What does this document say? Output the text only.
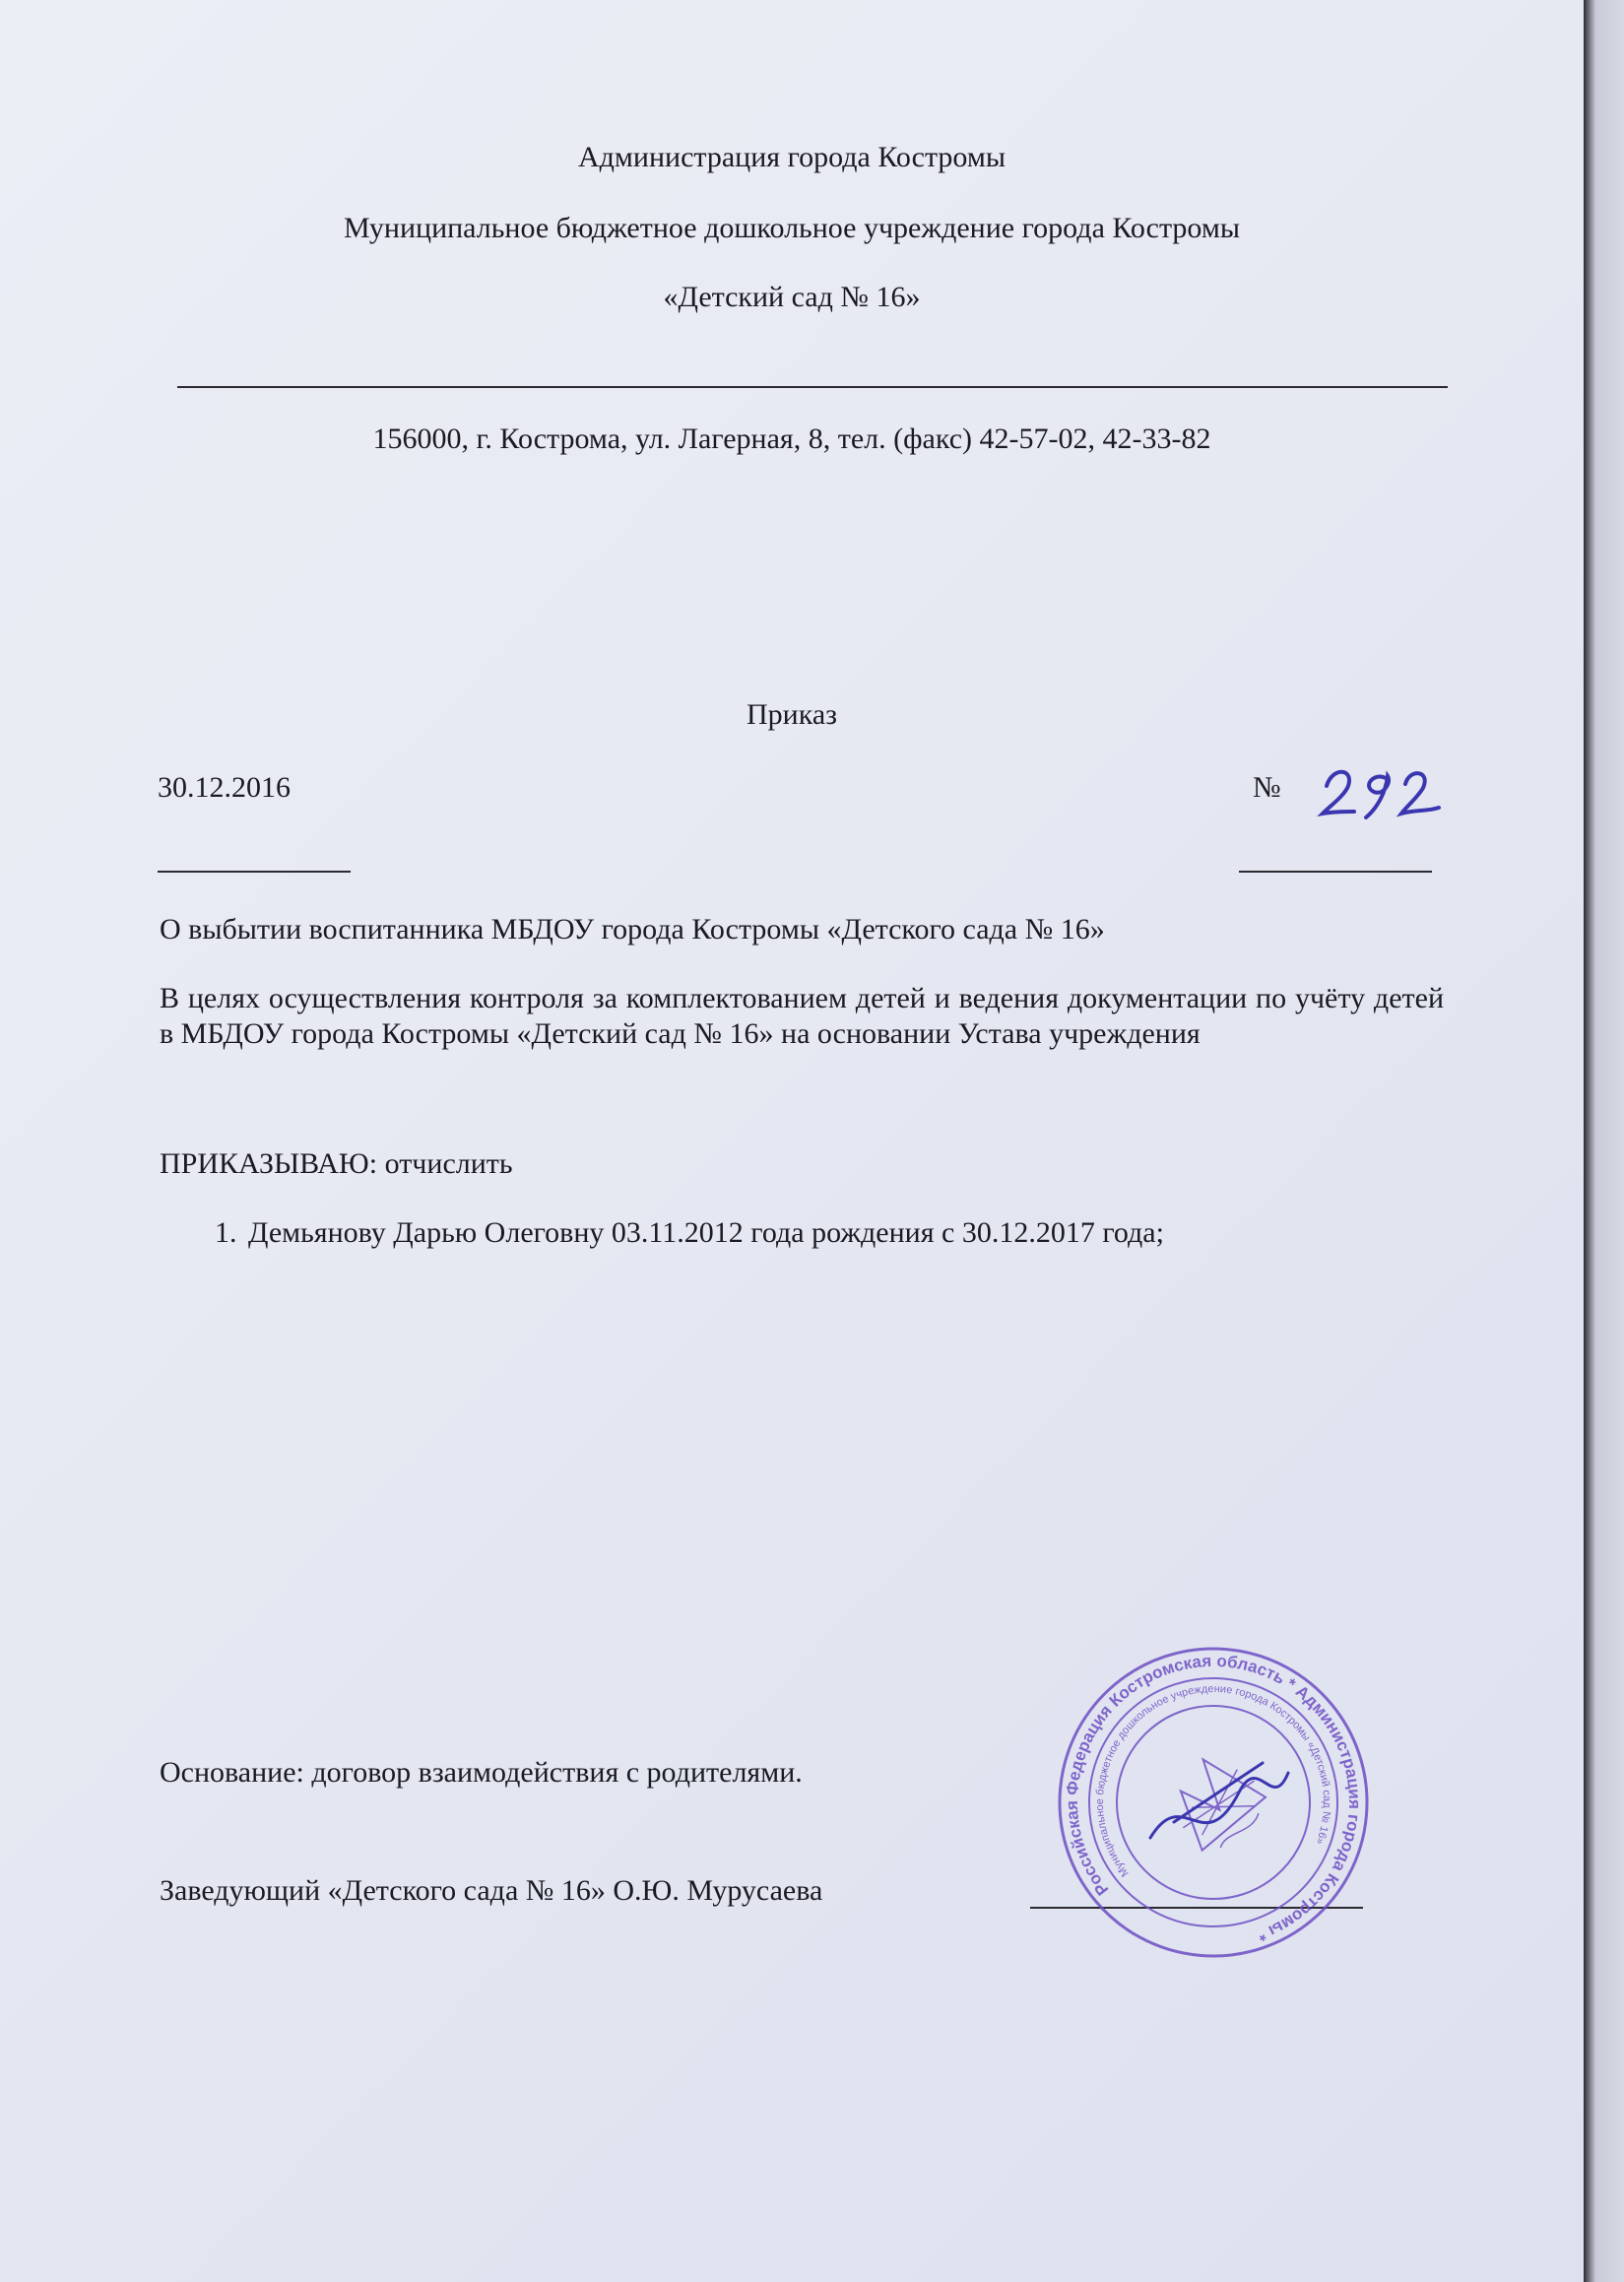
Администрация города Костромы
Муниципальное бюджетное дошкольное учреждение города Костромы
«Детский сад № 16»
156000, г. Кострома, ул. Лагерная, 8, тел. (факс) 42-57-02, 42-33-82
Приказ
30.12.2016	№
О выбытии воспитанника МБДОУ города Костромы «Детского сада № 16»
В целях осуществления контроля за комплектованием детей и ведения документации по учёту детей в МБДОУ города Костромы «Детский сад № 16» на основании Устава учреждения
ПРИКАЗЫВАЮ: отчислить
1. Демьянову Дарью Олеговну 03.11.2012 года рождения с 30.12.2017 года;
Основание: договор взаимодействия с родителями.
Заведующий «Детского сада № 16» О.Ю. Мурусаева	Российская Федерация Костромская область * Администрация города Костромы *
Муниципальное бюджетное дошкольное учреждение города Костромы «Детский сад № 16»
